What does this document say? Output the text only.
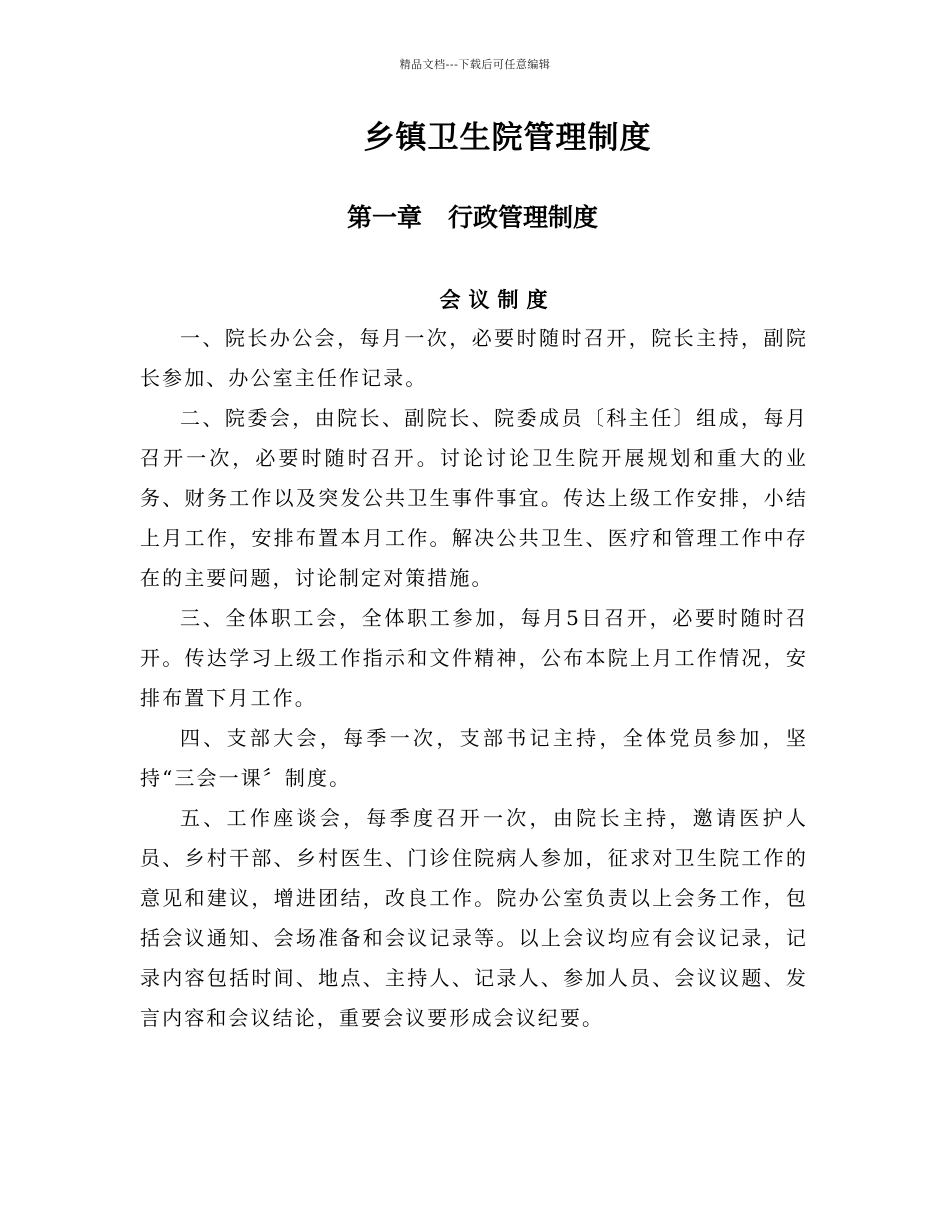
精品文档---下载后可任意编辑
乡镇卫生院管理制度
第一章   行政管理制度
会议制度

一、院长办公会，每月一次，必要时随时召开，院长主持，副院长参加、办公室主任作记录。

二、院委会，由院长、副院长、院委成员〔科主任〕组成，每月召开一次，必要时随时召开。讨论讨论卫生院开展规划和重大的业务、财务工作以及突发公共卫生事件事宜。传达上级工作安排，小结上月工作，安排布置本月工作。解决公共卫生、医疗和管理工作中存在的主要问题，讨论制定对策措施。

三、全体职工会，全体职工参加，每月5日召开，必要时随时召开。传达学习上级工作指示和文件精神，公布本院上月工作情况，安排布置下月工作。

四、支部大会，每季一次，支部书记主持，全体党员参加，坚持“三会一课〞制度。

五、工作座谈会，每季度召开一次，由院长主持，邀请医护人员、乡村干部、乡村医生、门诊住院病人参加，征求对卫生院工作的意见和建议，增进团结，改良工作。院办公室负责以上会务工作，包括会议通知、会场准备和会议记录等。以上会议均应有会议记录，记录内容包括时间、地点、主持人、记录人、参加人员、会议议题、发言内容和会议结论，重要会议要形成会议纪要。
